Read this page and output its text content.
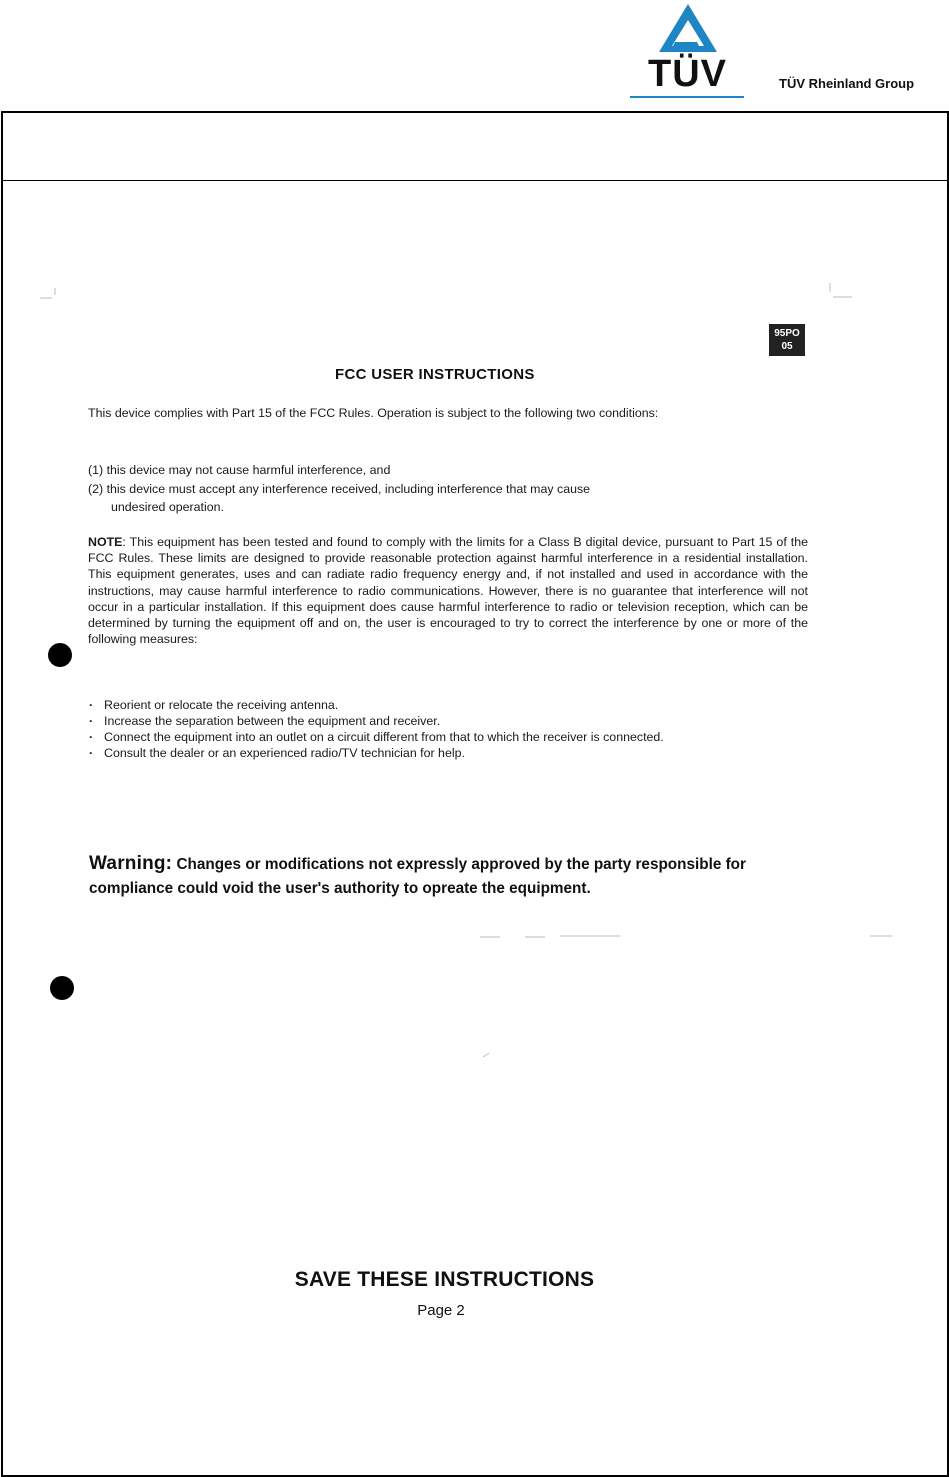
TÜV	TÜV Rheinland Group
95PO
05
FCC USER INSTRUCTIONS
This device complies with Part 15 of the FCC Rules. Operation is subject to the following two conditions:
(1) this device may not cause harmful interference, and
(2) this device must accept any interference received, including interference that may cause
undesired operation.
NOTE: This equipment has been tested and found to comply with the limits for a Class B digital device, pursuant to Part 15 of the FCC Rules. These limits are designed to provide reasonable protection against harmful interference in a residential installation. This equipment generates, uses and can radiate radio frequency energy and, if not installed and used in accordance with the instructions, may cause harmful interference to radio communications. However, there is no guarantee that interference will not occur in a particular installation. If this equipment does cause harmful interference to radio or television reception, which can be determined by turning the equipment off and on, the user is encouraged to try to correct the interference by one or more of the following measures:
· Reorient or relocate the receiving antenna.
· Increase the separation between the equipment and receiver.
· Connect the equipment into an outlet on a circuit different from that to which the receiver is connected.
· Consult the dealer or an experienced radio/TV technician for help.
Warning: Changes or modifications not expressly approved by the party responsible for compliance could void the user's authority to opreate the equipment.
SAVE THESE INSTRUCTIONS
Page 2
